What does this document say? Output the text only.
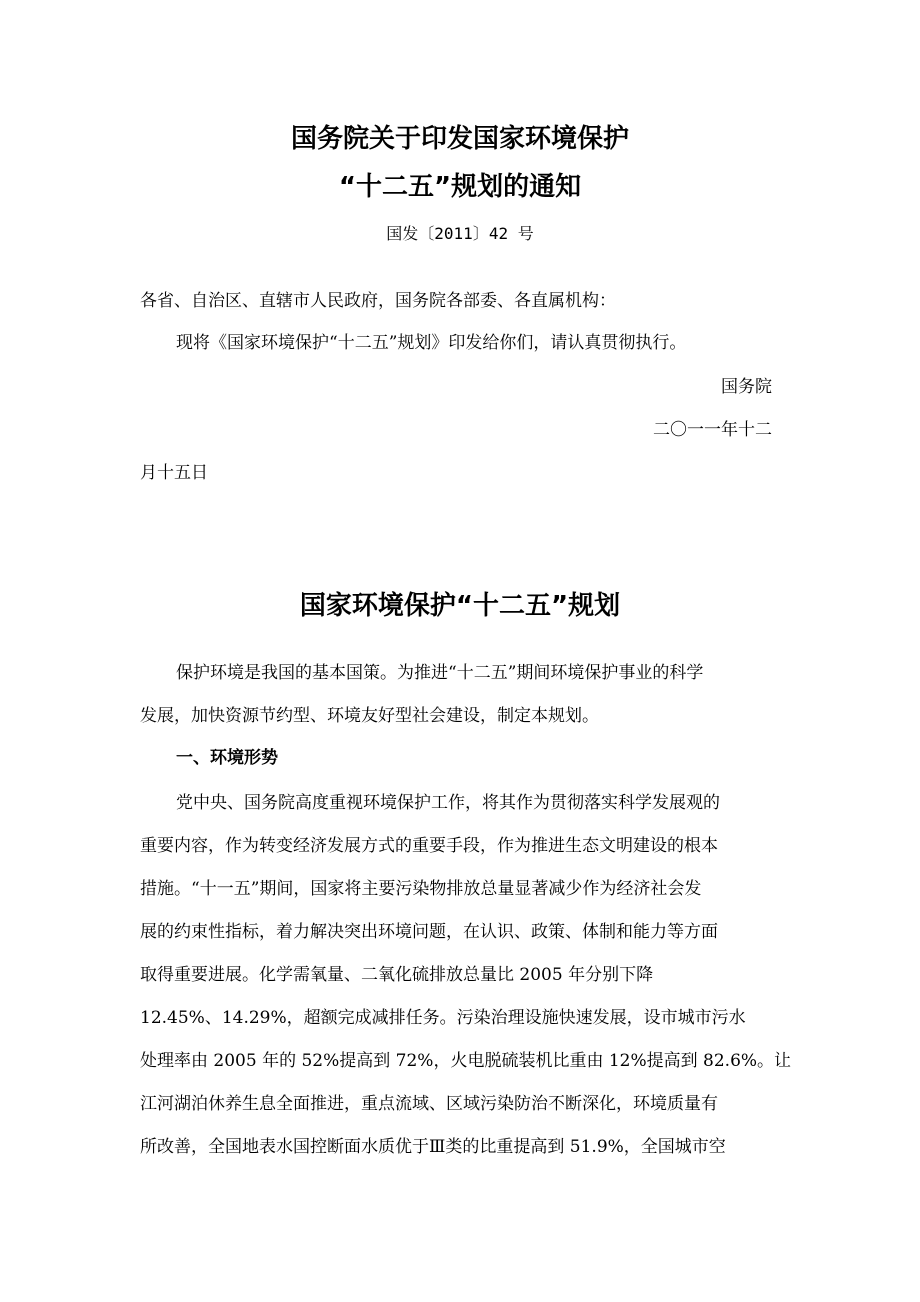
国务院关于印发国家环境保护
“十二五”规划的通知
国发〔2011〕42 号
各省、自治区、直辖市人民政府，国务院各部委、各直属机构：
现将《国家环境保护“十二五”规划》印发给你们，请认真贯彻执行。
国务院
二〇一一年十二
月十五日
国家环境保护“十二五”规划
保护环境是我国的基本国策。为推进“十二五”期间环境保护事业的科学
发展，加快资源节约型、环境友好型社会建设，制定本规划。
一、环境形势
党中央、国务院高度重视环境保护工作，将其作为贯彻落实科学发展观的
重要内容，作为转变经济发展方式的重要手段，作为推进生态文明建设的根本
措施。“十一五”期间，国家将主要污染物排放总量显著减少作为经济社会发
展的约束性指标，着力解决突出环境问题，在认识、政策、体制和能力等方面
取得重要进展。化学需氧量、二氧化硫排放总量比 2005 年分别下降
12.45%、14.29%，超额完成减排任务。污染治理设施快速发展，设市城市污水
处理率由 2005 年的 52%提高到 72%，火电脱硫装机比重由 12%提高到 82.6%。让
江河湖泊休养生息全面推进，重点流域、区域污染防治不断深化，环境质量有
所改善，全国地表水国控断面水质优于Ⅲ类的比重提高到 51.9%，全国城市空
